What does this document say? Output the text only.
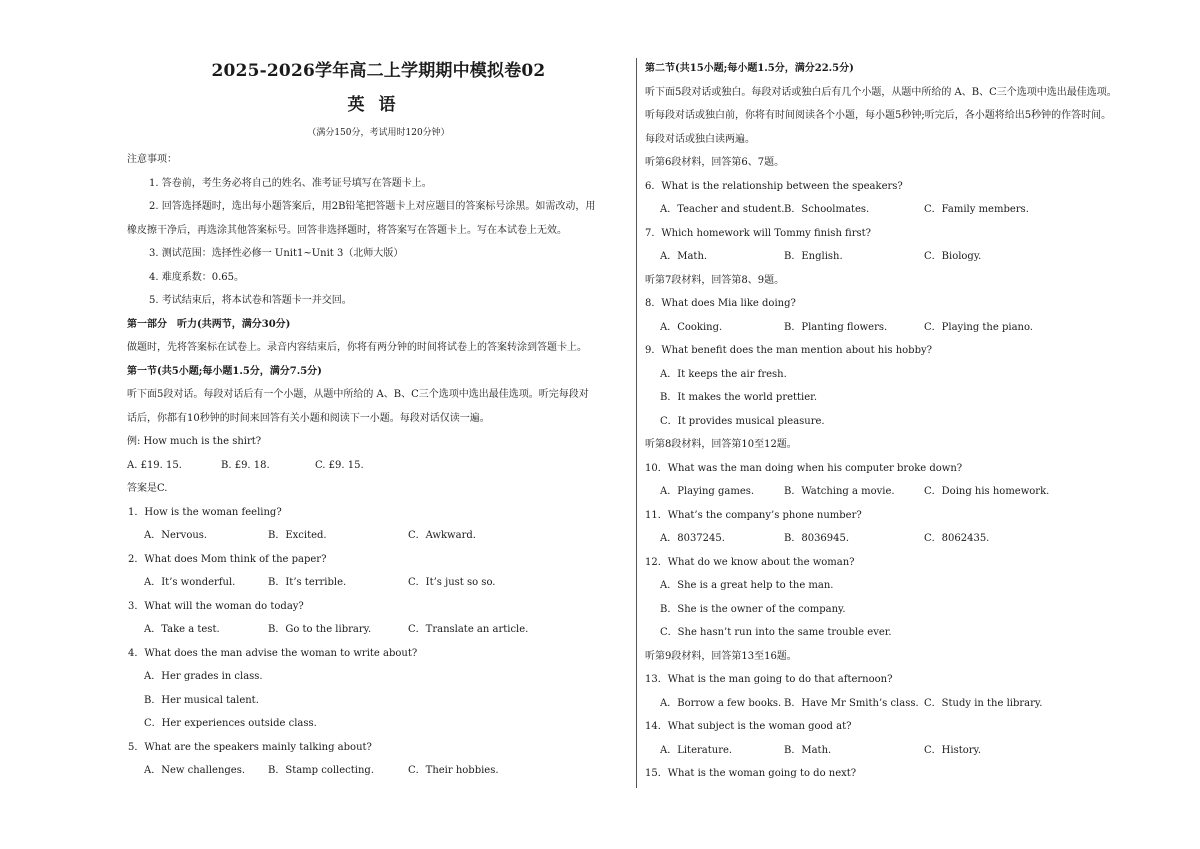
2025-2026学年高二上学期期中模拟卷02
英语
（满分150分，考试用时120分钟）
注意事项：
1. 答卷前，考生务必将自己的姓名、准考证号填写在答题卡上。
2. 回答选择题时，选出每小题答案后，用2B铅笔把答题卡上对应题目的答案标号涂黑。如需改动，用
橡皮擦干净后，再选涂其他答案标号。回答非选择题时，将答案写在答题卡上。写在本试卷上无效。
3. 测试范围：选择性必修一 Unit1~Unit 3（北师大版）
4. 难度系数：0.65。
5. 考试结束后，将本试卷和答题卡一并交回。
第一部分　听力(共两节，满分30分)
做题时，先将答案标在试卷上。录音内容结束后，你将有两分钟的时间将试卷上的答案转涂到答题卡上。
第一节(共5小题;每小题1.5分，满分7.5分)
听下面5段对话。每段对话后有一个小题，从题中所给的 A、B、C三个选项中选出最佳选项。听完每段对
话后，你都有10秒钟的时间来回答有关小题和阅读下一小题。每段对话仅读一遍。
例: How much is the shirt?
A. £19. 15.	B. £9. 18.	C. £9. 15.
答案是C.
1．How is the woman feeling?
A．Nervous.	B．Excited.	C．Awkward.
2．What does Mom think of the paper?
A．It’s wonderful.	B．It’s terrible.	C．It’s just so so.
3．What will the woman do today?
A．Take a test.	B．Go to the library.	C．Translate an article.
4．What does the man advise the woman to write about?
A．Her grades in class.
B．Her musical talent.
C．Her experiences outside class.
5．What are the speakers mainly talking about?
A．New challenges.	B．Stamp collecting.	C．Their hobbies.
第二节(共15小题;每小题1.5分，满分22.5分)
听下面5段对话或独白。每段对话或独白后有几个小题，从题中所给的 A、B、C三个选项中选出最佳选项。
听每段对话或独白前，你将有时间阅读各个小题，每小题5秒钟;听完后，各小题将给出5秒钟的作答时间。
每段对话或独白读两遍。
听第6段材料，回答第6、7题。
6．What is the relationship between the speakers?
A．Teacher and student. B．Schoolmates.	C．Family members.
7．Which homework will Tommy finish first?
A．Math.	B．English.	C．Biology.
听第7段材料，回答第8、9题。
8．What does Mia like doing?
A．Cooking.	B．Planting flowers.	C．Playing the piano.
9．What benefit does the man mention about his hobby?
A．It keeps the air fresh.
B．It makes the world prettier.
C．It provides musical pleasure.
听第8段材料，回答第10至12题。
10．What was the man doing when his computer broke down?
A．Playing games.	B．Watching a movie.	C．Doing his homework.
11．What’s the company’s phone number?
A．8037245.	B．8036945.	C．8062435.
12．What do we know about the woman?
A．She is a great help to the man.
B．She is the owner of the company.
C．She hasn’t run into the same trouble ever.
听第9段材料，回答第13至16题。
13．What is the man going to do that afternoon?
A．Borrow a few books. B．Have Mr Smith’s class. C．Study in the library.
14．What subject is the woman good at?
A．Literature.	B．Math.	C．History.
15．What is the woman going to do next?
